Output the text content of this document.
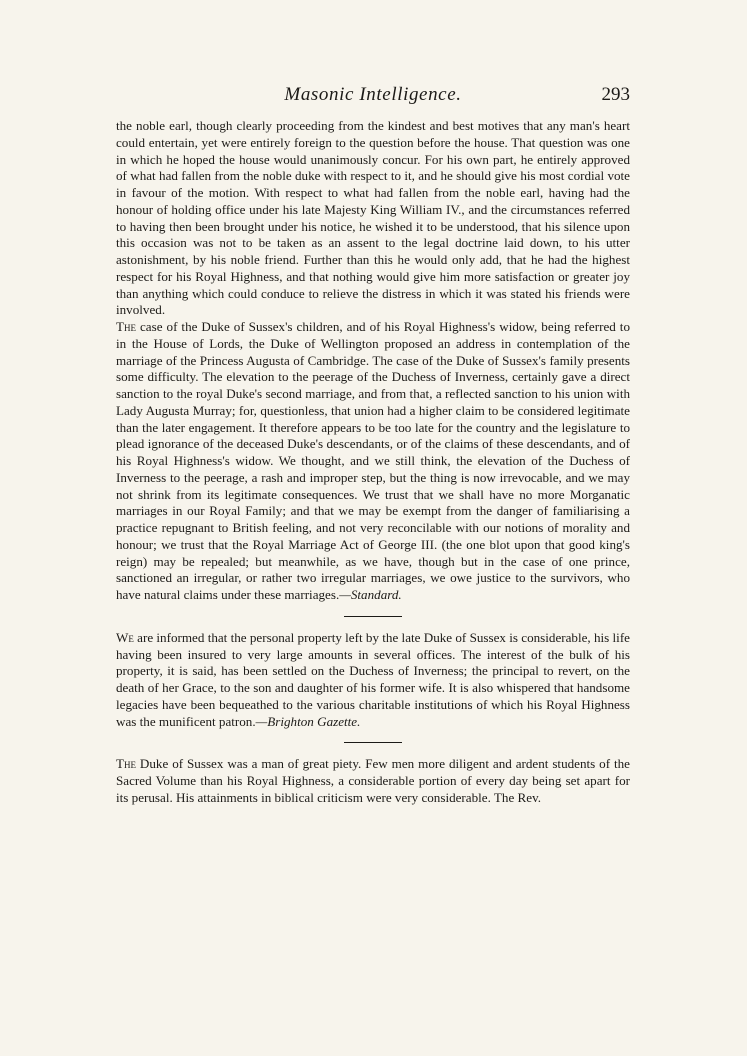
Masonic Intelligence.	293

the noble earl, though clearly proceeding from the kindest and best motives that any man's heart could entertain, yet were entirely foreign to the question before the house. That question was one in which he hoped the house would unanimously concur. For his own part, he entirely approved of what had fallen from the noble duke with respect to it, and he should give his most cordial vote in favour of the motion. With respect to what had fallen from the noble earl, having had the honour of holding office under his late Majesty King William IV., and the circumstances referred to having then been brought under his notice, he wished it to be understood, that his silence upon this occasion was not to be taken as an assent to the legal doctrine laid down, to his utter astonishment, by his noble friend. Further than this he would only add, that he had the highest respect for his Royal Highness, and that nothing would give him more satisfaction or greater joy than anything which could conduce to relieve the distress in which it was stated his friends were involved.

The case of the Duke of Sussex's children, and of his Royal Highness's widow, being referred to in the House of Lords, the Duke of Wellington proposed an address in contemplation of the marriage of the Princess Augusta of Cambridge. The case of the Duke of Sussex's family presents some difficulty. The elevation to the peerage of the Duchess of Inverness, certainly gave a direct sanction to the royal Duke's second marriage, and from that, a reflected sanction to his union with Lady Augusta Murray; for, questionless, that union had a higher claim to be considered legitimate than the later engagement. It therefore appears to be too late for the country and the legislature to plead ignorance of the deceased Duke's descendants, or of the claims of these descendants, and of his Royal Highness's widow. We thought, and we still think, the elevation of the Duchess of Inverness to the peerage, a rash and improper step, but the thing is now irrevocable, and we may not shrink from its legitimate consequences. We trust that we shall have no more Morganatic marriages in our Royal Family; and that we may be exempt from the danger of familiarising a practice repugnant to British feeling, and not very reconcilable with our notions of morality and honour; we trust that the Royal Marriage Act of George III. (the one blot upon that good king's reign) may be repealed; but meanwhile, as we have, though but in the case of one prince, sanctioned an irregular, or rather two irregular marriages, we owe justice to the survivors, who have natural claims under these marriages.—Standard.

We are informed that the personal property left by the late Duke of Sussex is considerable, his life having been insured to very large amounts in several offices. The interest of the bulk of his property, it is said, has been settled on the Duchess of Inverness; the principal to revert, on the death of her Grace, to the son and daughter of his former wife. It is also whispered that handsome legacies have been bequeathed to the various charitable institutions of which his Royal Highness was the munificent patron.—Brighton Gazette.

The Duke of Sussex was a man of great piety. Few men more diligent and ardent students of the Sacred Volume than his Royal Highness, a considerable portion of every day being set apart for its perusal. His attainments in biblical criticism were very considerable. The Rev.
